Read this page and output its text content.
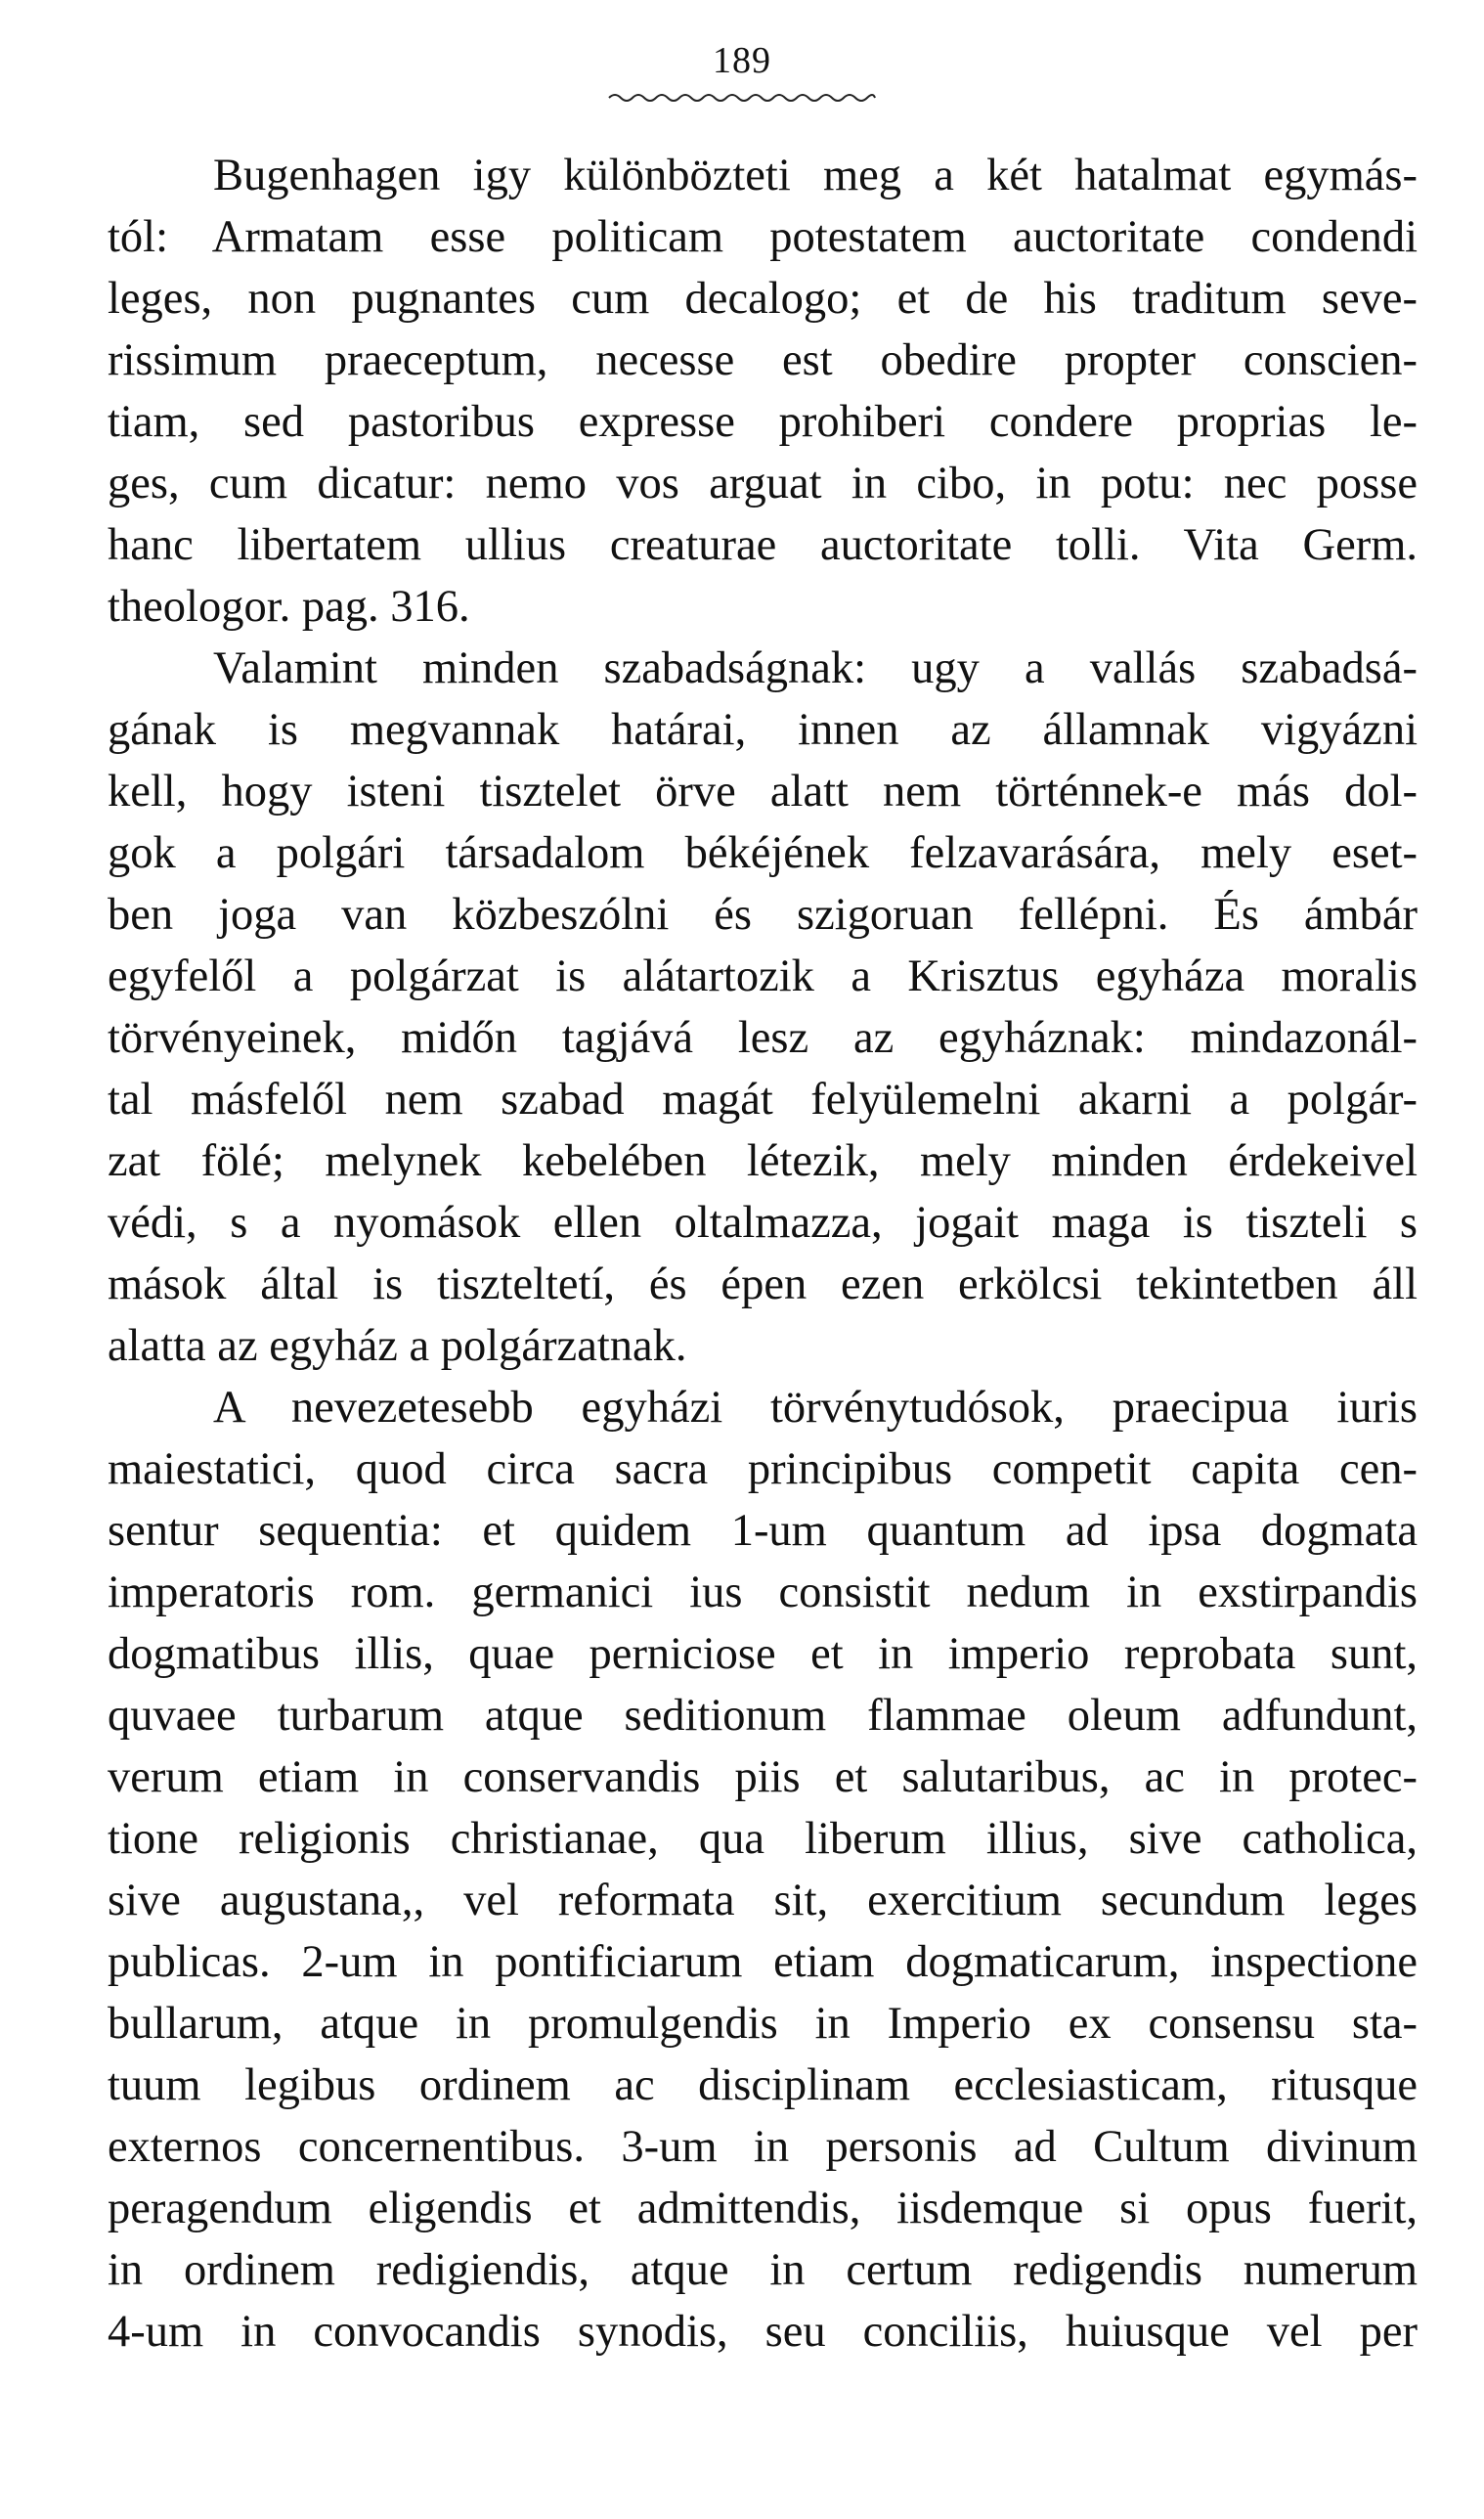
189

Bugenhagen igy különbözteti meg a két hatalmat egymás-
tól: Armatam esse politicam potestatem auctoritate condendi
leges, non pugnantes cum decalogo; et de his traditum seve-
rissimum praeceptum, necesse est obedire propter conscien-
tiam, sed pastoribus expresse prohiberi condere proprias le-
ges, cum dicatur: nemo vos arguat in cibo, in potu: nec posse
hanc libertatem ullius creaturae auctoritate tolli. Vita Germ.
theologor. pag. 316.

Valamint minden szabadságnak: ugy a vallás szabadsá-
gának is megvannak határai, innen az államnak vigyázni
kell, hogy isteni tisztelet örve alatt nem történnek-e más dol-
gok a polgári társadalom békéjének felzavarására, mely eset-
ben joga van közbeszólni és szigoruan fellépni. És ámbár
egyfelől a polgárzat is alátartozik a Krisztus egyháza moralis
törvényeinek, midőn tagjává lesz az egyháznak: mindazonál-
tal másfelől nem szabad magát felyülemelni akarni a polgár-
zat fölé; melynek kebelében létezik, mely minden érdekeivel
védi, s a nyomások ellen oltalmazza, jogait maga is tiszteli s
mások által is tiszteltetí, és épen ezen erkölcsi tekintetben áll
alatta az egyház a polgárzatnak.

A nevezetesebb egyházi törvénytudósok, praecipua iuris
maiestatici, quod circa sacra principibus competit capita cen-
sentur sequentia: et quidem 1-um quantum ad ipsa dogmata
imperatoris rom. germanici ius consistit nedum in exstirpandis
dogmatibus illis, quae perniciose et in imperio reprobata sunt,
quvaee turbarum atque seditionum flammae oleum adfundunt,
verum etiam in conservandis piis et salutaribus, ac in protec-
tione religionis christianae, qua liberum illius, sive catholica,
sive augustana,, vel reformata sit, exercitium secundum leges
publicas. 2-um in pontificiarum etiam dogmaticarum, inspectione
bullarum, atque in promulgendis in Imperio ex consensu sta-
tuum legibus ordinem ac disciplinam ecclesiasticam, ritusque
externos concernentibus. 3-um in personis ad Cultum divinum
peragendum eligendis et admittendis, iisdemque si opus fuerit,
in ordinem redigiendis, atque in certum redigendis numerum
4-um in convocandis synodis, seu conciliis, huiusque vel per
